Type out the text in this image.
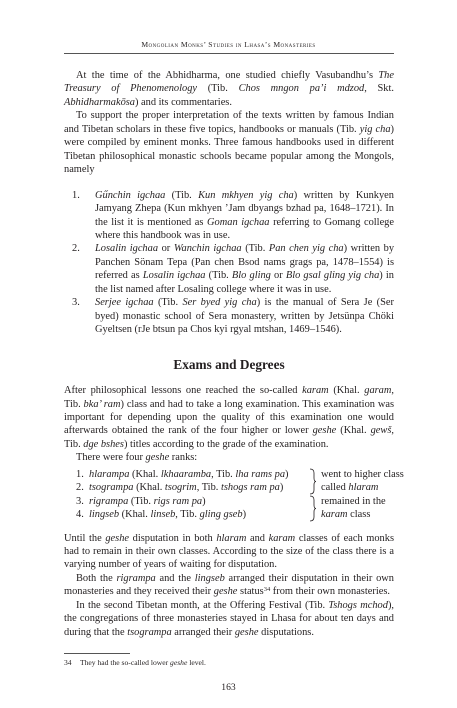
Mongolian Monks’ Studies in Lhasa’s Monasteries

At the time of the Abhidharma, one studied chiefly Vasubandhu’s The Treasury of Phenomenology (Tib. Chos mngon pa’i mdzod, Skt. Abhidharmakōsa) and its commentaries.

To support the proper interpretation of the texts written by famous Indian and Tibetan scholars in these five topics, handbooks or manuals (Tib. yig cha) were compiled by eminent monks. Three famous handbooks used in different Tibetan philosophical monastic schools became popular among the Mongols, namely

1. Gűnchin igchaa (Tib. Kun mkhyen yig cha) written by Kunkyen Jamyang Zhepa (Kun mkhyen ’Jam dbyangs bzhad pa, 1648–1721). In the list it is mentioned as Goman igchaa referring to Gomang college where this handbook was in use.
2. Losalin igchaa or Wanchin igchaa (Tib. Pan chen yig cha) written by Panchen Sönam Tepa (Pan chen Bsod nams grags pa, 1478–1554) is referred as Losalin igchaa (Tib. Blo gling or Blo gsal gling yig cha) in the list named after Losaling college where it was in use.
3. Serjee igchaa (Tib. Ser byed yig cha) is the manual of Sera Je (Ser byed) monastic school of Sera monastery, written by Jetsünpa Chöki Gyeltsen (rJe btsun pa Chos kyi rgyal mtshan, 1469–1546).
Exams and Degrees

After philosophical lessons one reached the so-called karam (Khal. garam, Tib. bka’ ram) class and had to take a long examination. This examination was important for depending upon the quality of this examination one would afterwards obtained the rank of the four higher or lower geshe (Khal. gewš, Tib. dge bshes) titles according to the grade of the examination.

There were four geshe ranks:

1. hlarampa (Khal. lkhaaramba, Tib. lha rams pa)	went to higher class
2. tsogrampa (Khal. tsogrim, Tib. tshogs ram pa)	called hlaram
3. rigrampa (Tib. rigs ram pa)	remained in the
4. lingseb (Khal. linseb, Tib. gling gseb)	karam class

Until the geshe disputation in both hlaram and karam classes of each monks had to remain in their own classes. According to the size of the class there is a varying number of years of waiting for disputation.

Both the rigrampa and the lingseb arranged their disputation in their own monasteries and they received their geshe status$^{34}$ from their own monasteries.

In the second Tibetan month, at the Offering Festival (Tib. Tshogs mchod), the congregations of three monasteries stayed in Lhasa for about ten days and during that the tsogrampa arranged their geshe disputations.

34 They had the so-called lower geshe level.
163
